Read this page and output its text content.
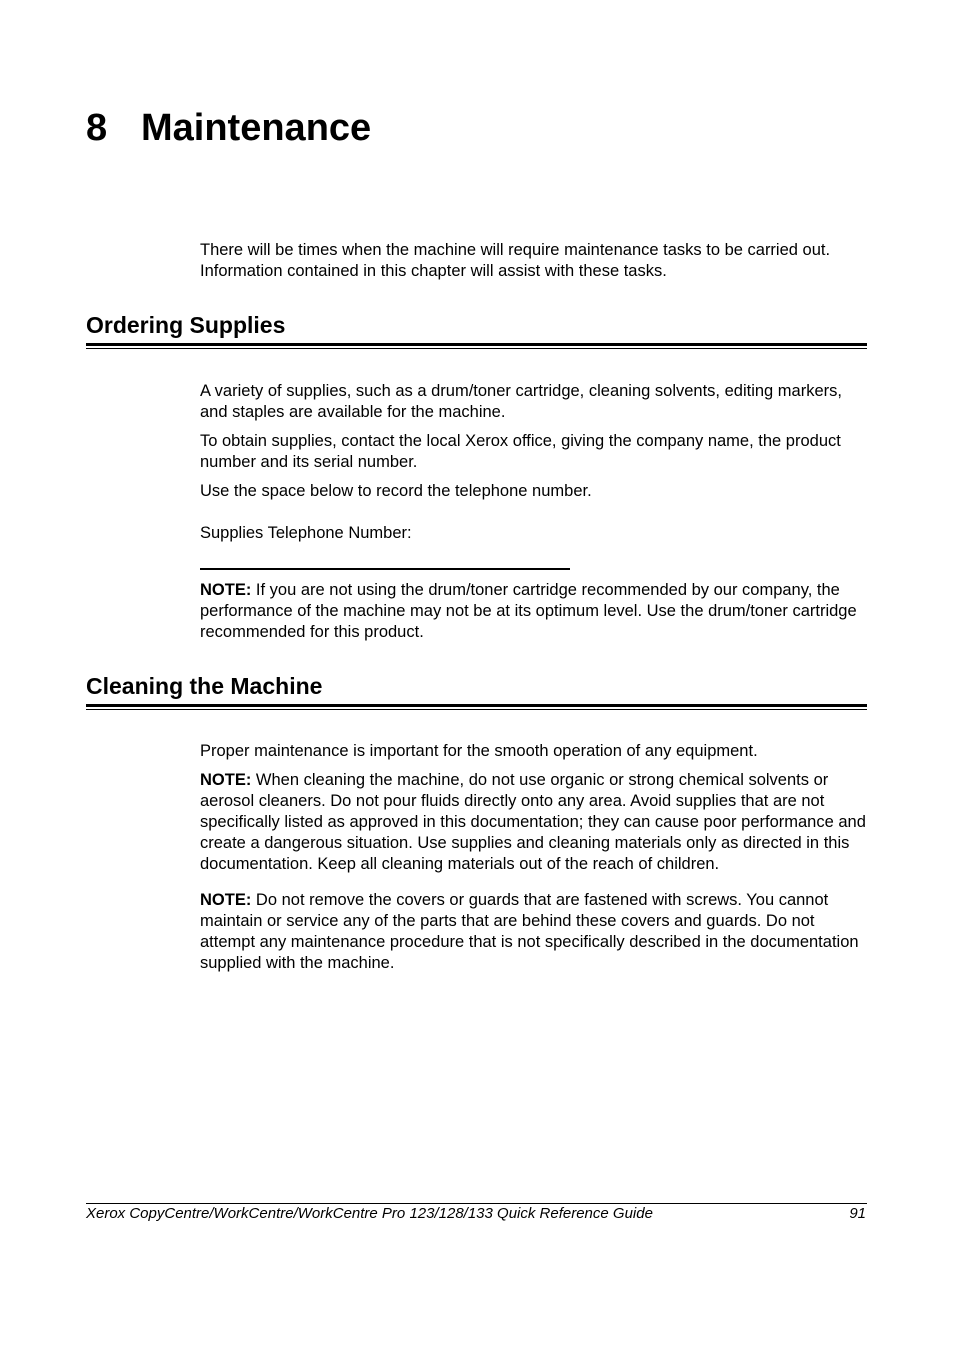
8 Maintenance

There will be times when the machine will require maintenance tasks to be carried out. Information contained in this chapter will assist with these tasks.

Ordering Supplies

A variety of supplies, such as a drum/toner cartridge, cleaning solvents, editing markers, and staples are available for the machine.

To obtain supplies, contact the local Xerox office, giving the company name, the product number and its serial number.

Use the space below to record the telephone number.

Supplies Telephone Number:

NOTE: If you are not using the drum/toner cartridge recommended by our company, the performance of the machine may not be at its optimum level. Use the drum/toner cartridge recommended for this product.

Cleaning the Machine

Proper maintenance is important for the smooth operation of any equipment.

NOTE: When cleaning the machine, do not use organic or strong chemical solvents or aerosol cleaners. Do not pour fluids directly onto any area. Avoid supplies that are not specifically listed as approved in this documentation; they can cause poor performance and create a dangerous situation. Use supplies and cleaning materials only as directed in this documentation. Keep all cleaning materials out of the reach of children.

NOTE: Do not remove the covers or guards that are fastened with screws. You cannot maintain or service any of the parts that are behind these covers and guards. Do not attempt any maintenance procedure that is not specifically described in the documentation supplied with the machine.

Xerox CopyCentre/WorkCentre/WorkCentre Pro 123/128/133 Quick Reference Guide	91
